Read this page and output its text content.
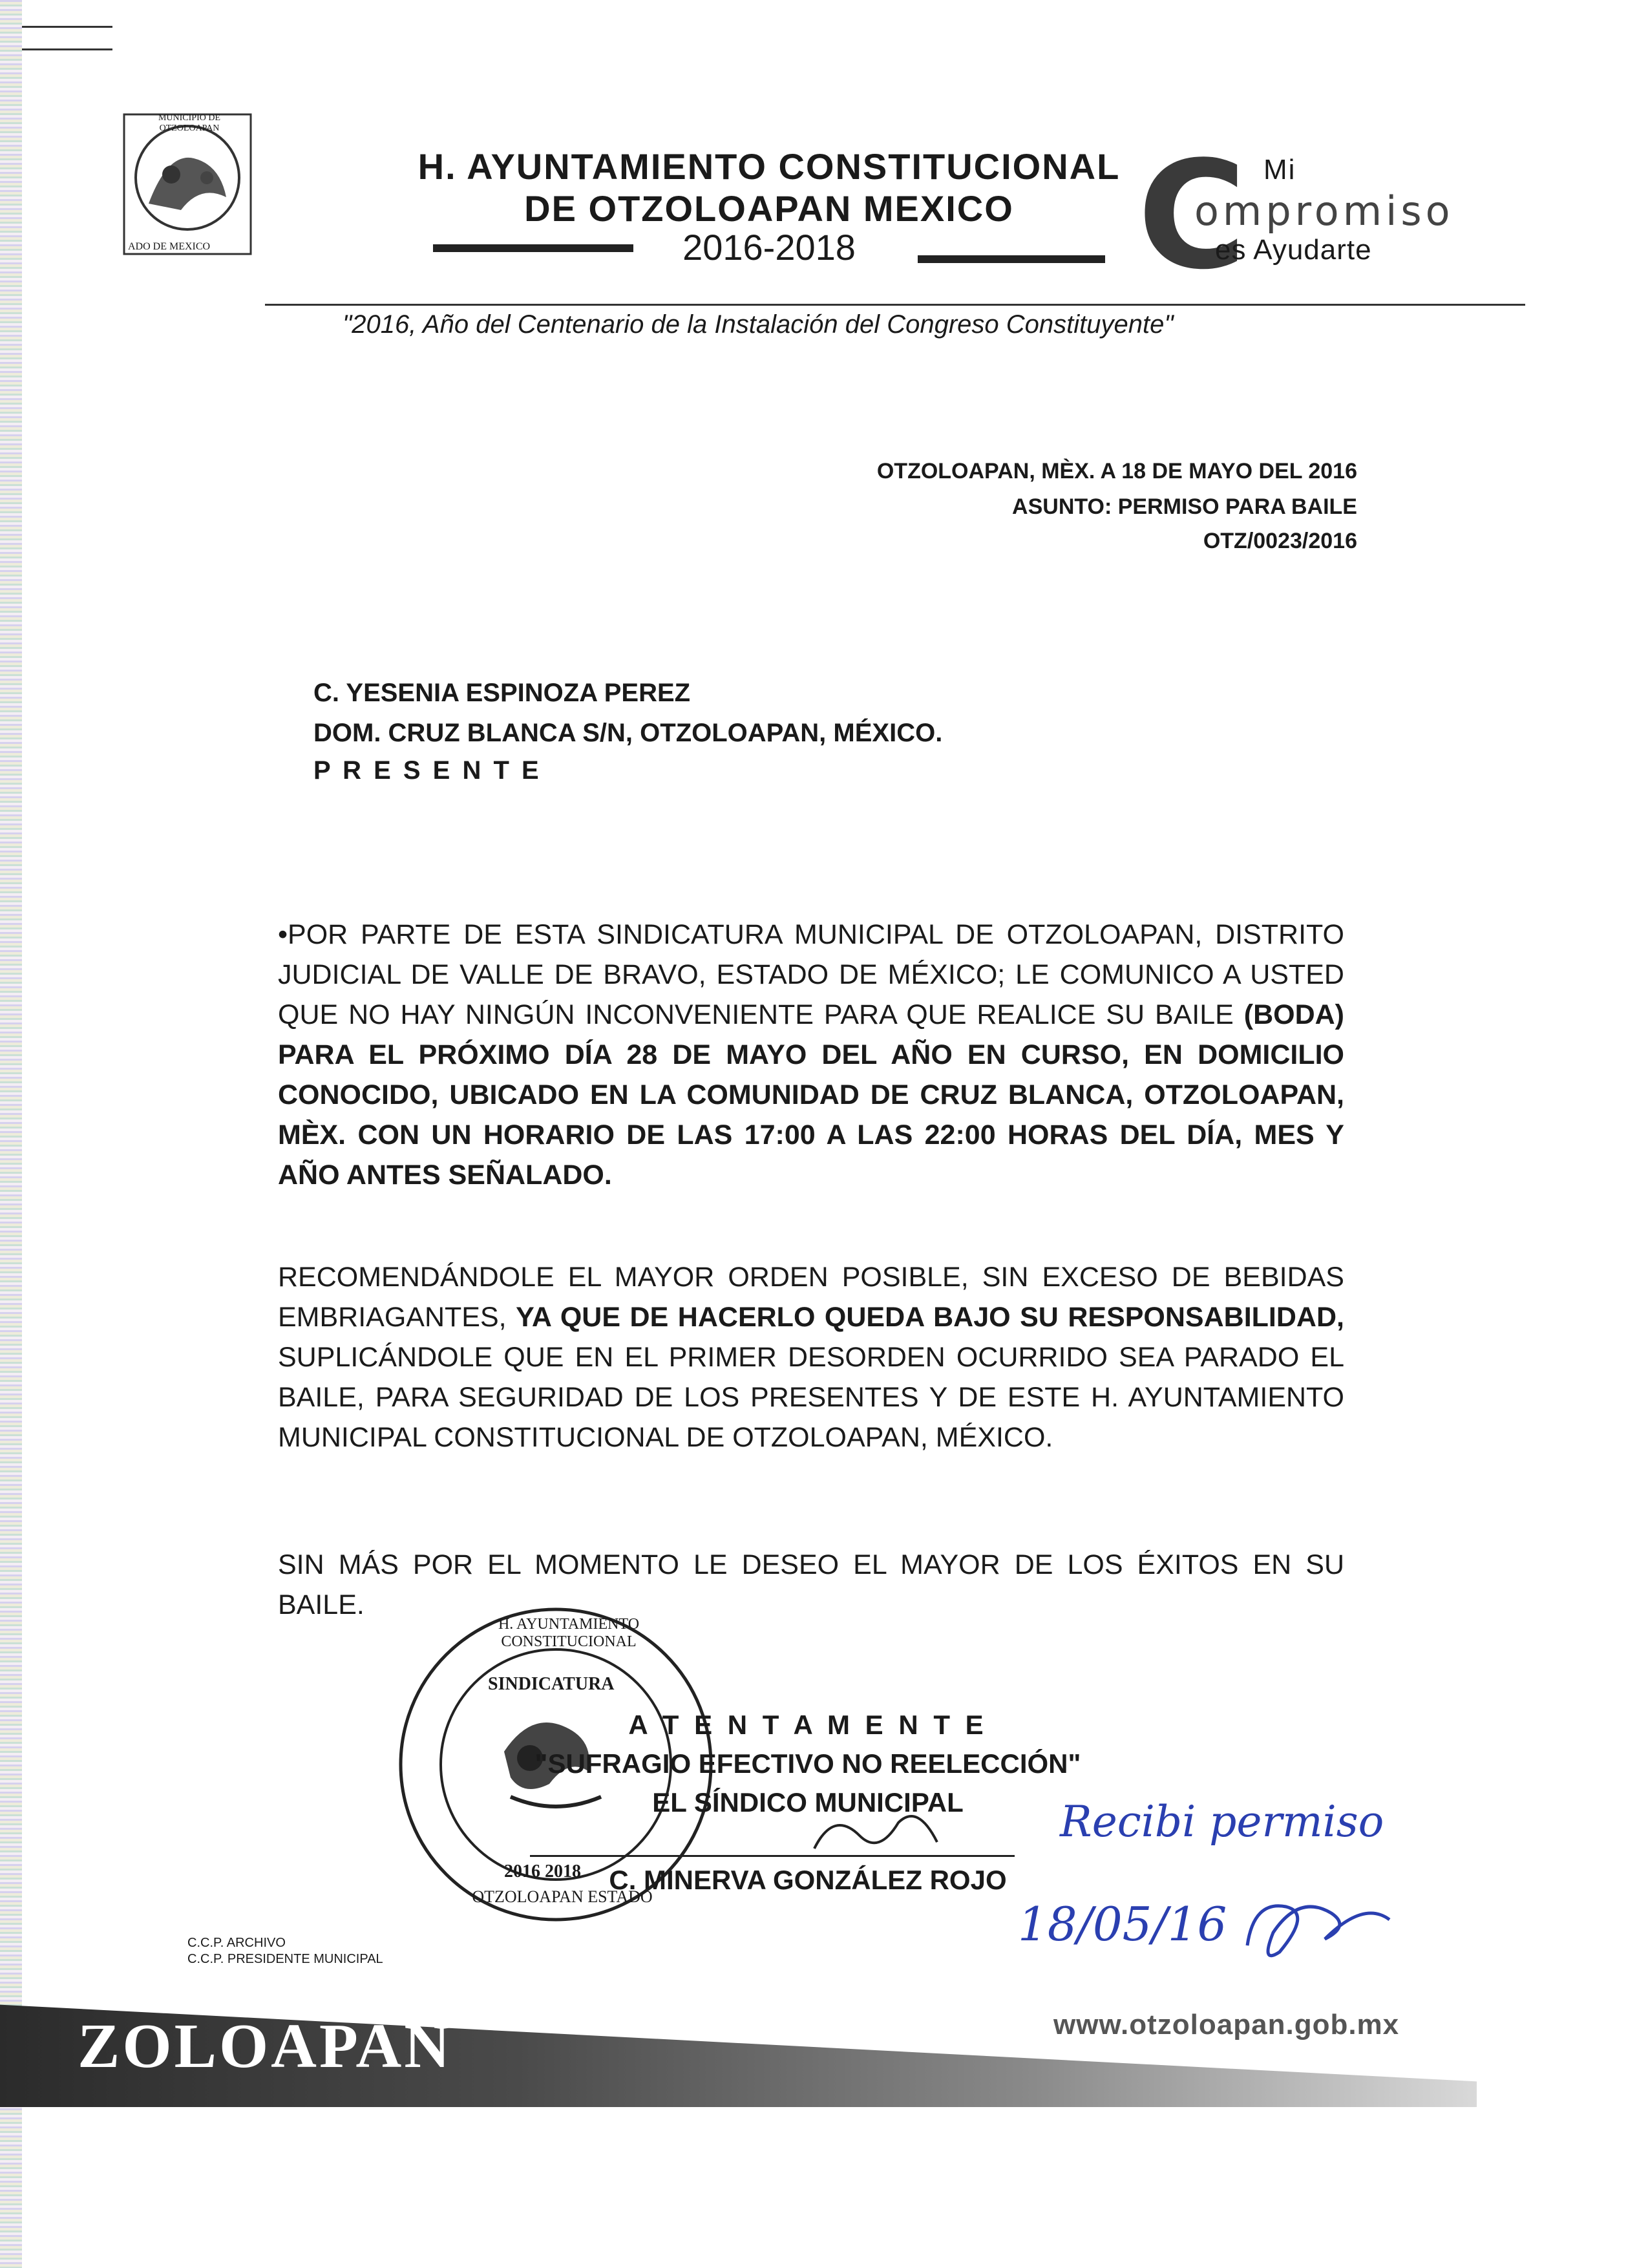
MUNICIPIO DE OTZOLOAPAN
ADO DE MEXICO
H. AYUNTAMIENTO CONSTITUCIONAL
DE OTZOLOAPAN MEXICO
2016-2018 C Mi
ompromiso
es Ayudarte
"2016, Año del Centenario de la Instalación del Congreso Constituyente"
OTZOLOAPAN, MÈX. A 18 DE MAYO DEL 2016
ASUNTO: PERMISO PARA BAILE
OTZ/0023/2016
C. YESENIA ESPINOZA PEREZ
DOM. CRUZ BLANCA S/N, OTZOLOAPAN, MÉXICO.
P R E S E N T E
•POR PARTE DE ESTA SINDICATURA MUNICIPAL DE OTZOLOAPAN, DISTRITO JUDICIAL DE VALLE DE BRAVO, ESTADO DE MÉXICO; LE COMUNICO A USTED QUE NO HAY NINGÚN INCONVENIENTE PARA QUE REALICE SU BAILE (BODA) PARA EL PRÓXIMO DÍA 28 DE MAYO DEL AÑO EN CURSO, EN DOMICILIO CONOCIDO, UBICADO EN LA COMUNIDAD DE CRUZ BLANCA, OTZOLOAPAN, MÈX. CON UN HORARIO DE LAS 17:00 A LAS 22:00 HORAS DEL DÍA, MES Y AÑO ANTES SEÑALADO.
RECOMENDÁNDOLE EL MAYOR ORDEN POSIBLE, SIN EXCESO DE BEBIDAS EMBRIAGANTES, YA QUE DE HACERLO QUEDA BAJO SU RESPONSABILIDAD, SUPLICÁNDOLE QUE EN EL PRIMER DESORDEN OCURRIDO SEA PARADO EL BAILE, PARA SEGURIDAD DE LOS PRESENTES Y DE ESTE H. AYUNTAMIENTO MUNICIPAL CONSTITUCIONAL DE OTZOLOAPAN, MÉXICO.
SIN MÁS POR EL MOMENTO LE DESEO EL MAYOR DE LOS ÉXITOS EN SU BAILE.
SINDICATURA
H. AYUNTAMIENTO CONSTITUCIONAL
2016 2018
OTZOLOAPAN ESTADO
A T E N T A M E N T E
"SUFRAGIO EFECTIVO NO REELECCIÓN"
EL SÍNDICO MUNICIPAL
C. MINERVA GONZÁLEZ ROJO
Recibi permiso
18/05/16
C.C.P. ARCHIVO
C.C.P. PRESIDENTE MUNICIPAL
ZOLOAPAN	www.otzoloapan.gob.mx
